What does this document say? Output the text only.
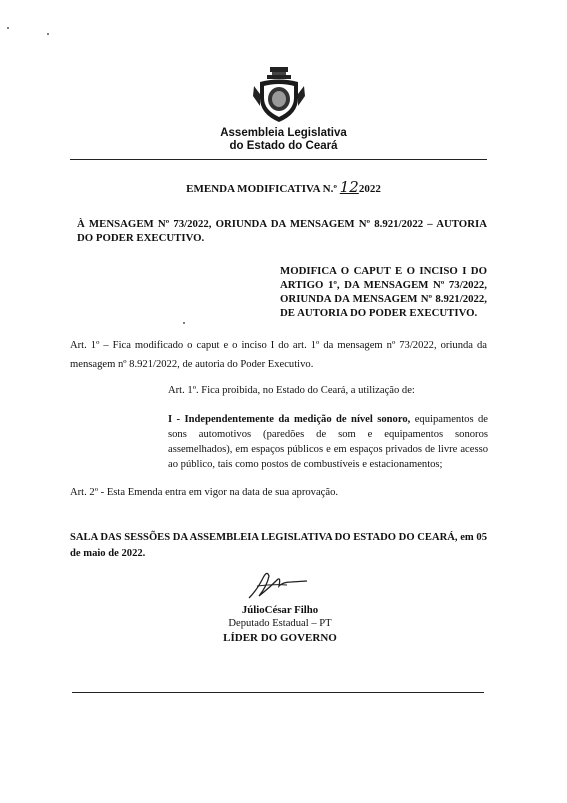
Assembleia Legislativa
do Estado do Ceará
EMENDA MODIFICATIVA N.º 122022
À MENSAGEM Nº 73/2022, ORIUNDA DA MENSAGEM Nº 8.921/2022 – AUTORIA DO PODER EXECUTIVO.
MODIFICA O CAPUT E O INCISO I DO ARTIGO 1º, DA MENSAGEM Nº 73/2022, ORIUNDA DA MENSAGEM Nº 8.921/2022, DE AUTORIA DO PODER EXECUTIVO.
Art. 1º – Fica modificado o caput e o inciso I do art. 1º da mensagem nº 73/2022, oriunda da mensagem nº 8.921/2022, de autoria do Poder Executivo.
Art. 1º. Fica proibida, no Estado do Ceará, a utilização de:
I - Independentemente da medição de nível sonoro, equipamentos de sons automotivos (paredões de som e equipamentos sonoros assemelhados), em espaços públicos e em espaços privados de livre acesso ao público, tais como postos de combustíveis e estacionamentos;
Art. 2º - Esta Emenda entra em vigor na data de sua aprovação.
SALA DAS SESSÕES DA ASSEMBLEIA LEGISLATIVA DO ESTADO DO CEARÁ, em 05 de maio de 2022.
JúlioCésar Filho
Deputado Estadual – PT
LÍDER DO GOVERNO
